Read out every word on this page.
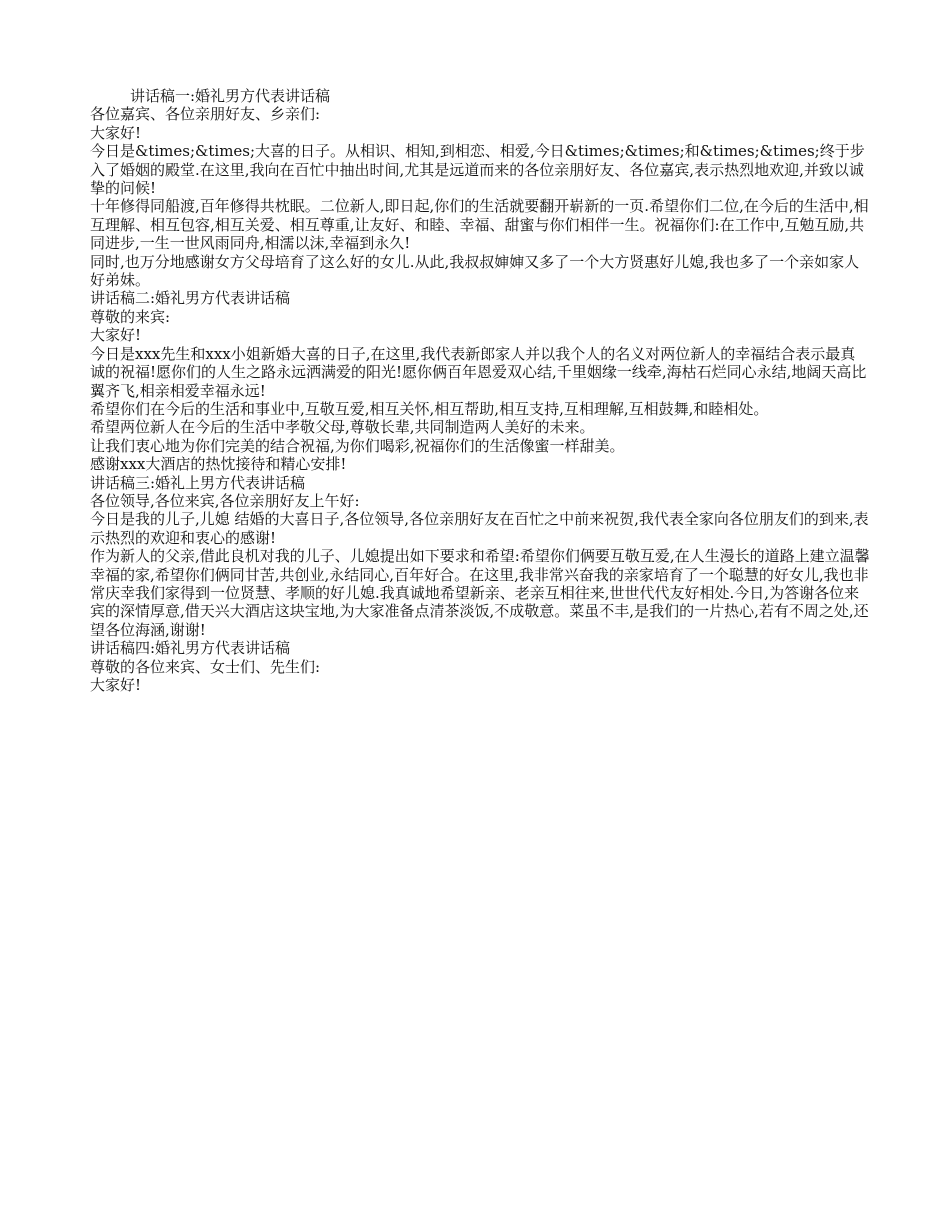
讲话稿一:婚礼男方代表讲话稿

各位嘉宾、各位亲朋好友、乡亲们:

大家好!

今日是&times;&times;大喜的日子。从相识、相知,到相恋、相爱,今日&times;&times;和&times;&times;终于步入了婚姻的殿堂.在这里,我向在百忙中抽出时间,尤其是远道而来的各位亲朋好友、各位嘉宾,表示热烈地欢迎,并致以诚挚的问候!

十年修得同船渡,百年修得共枕眠。二位新人,即日起,你们的生活就要翻开崭新的一页.希望你们二位,在今后的生活中,相互理解、相互包容,相互关爱、相互尊重,让友好、和睦、幸福、甜蜜与你们相伴一生。祝福你们:在工作中,互勉互励,共同进步,一生一世风雨同舟,相濡以沫,幸福到永久!

同时,也万分地感谢女方父母培育了这么好的女儿.从此,我叔叔婶婶又多了一个大方贤惠好儿媳,我也多了一个亲如家人好弟妹。

讲话稿二:婚礼男方代表讲话稿

尊敬的来宾:

大家好!

今日是xxx先生和xxx小姐新婚大喜的日子,在这里,我代表新郎家人并以我个人的名义对两位新人的幸福结合表示最真诚的祝福!愿你们的人生之路永远洒满爱的阳光!愿你俩百年恩爱双心结,千里姻缘一线牵,海枯石烂同心永结,地阔天高比翼齐飞,相亲相爱幸福永远!

希望你们在今后的生活和事业中,互敬互爱,相互关怀,相互帮助,相互支持,互相理解,互相鼓舞,和睦相处。

希望两位新人在今后的生活中孝敬父母,尊敬长辈,共同制造两人美好的未来。

让我们衷心地为你们完美的结合祝福,为你们喝彩,祝福你们的生活像蜜一样甜美。

感谢xxx大酒店的热忱接待和精心安排!

讲话稿三:婚礼上男方代表讲话稿

各位领导,各位来宾,各位亲朋好友上午好:

今日是我的儿子,儿媳 结婚的大喜日子,各位领导,各位亲朋好友在百忙之中前来祝贺,我代表全家向各位朋友们的到来,表示热烈的欢迎和衷心的感谢!

作为新人的父亲,借此良机对我的儿子、儿媳提出如下要求和希望:希望你们俩要互敬互爱,在人生漫长的道路上建立温馨幸福的家,希望你们俩同甘苦,共创业,永结同心,百年好合。在这里,我非常兴奋我的亲家培育了一个聪慧的好女儿,我也非常庆幸我们家得到一位贤慧、孝顺的好儿媳.我真诚地希望新亲、老亲互相往来,世世代代友好相处.今日,为答谢各位来宾的深情厚意,借天兴大酒店这块宝地,为大家准备点清茶淡饭,不成敬意。菜虽不丰,是我们的一片热心,若有不周之处,还望各位海涵,谢谢!

讲话稿四:婚礼男方代表讲话稿

尊敬的各位来宾、女士们、先生们:

大家好!
